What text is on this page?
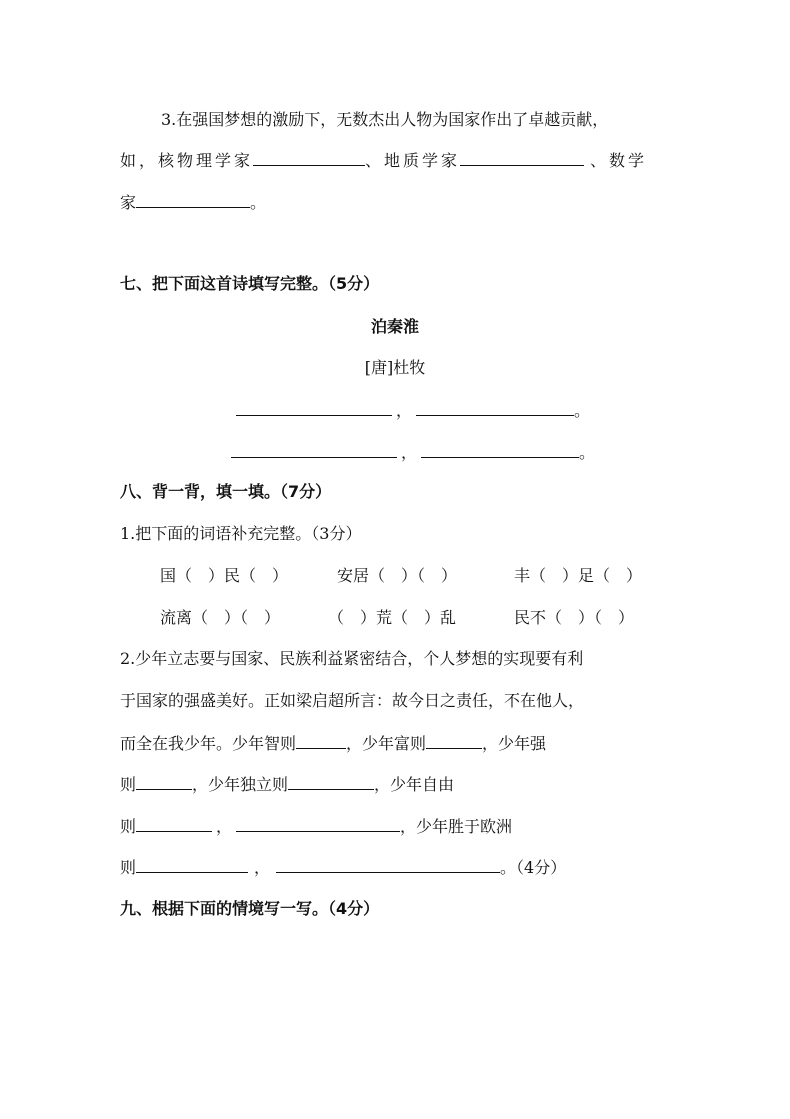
3.在强国梦想的激励下，无数杰出人物为国家作出了卓越贡献，
如，核物理学家	、地质学家	、数学
家	。
七、把下面这首诗填写完整。（5分）
泊秦淮
[唐]杜牧
，	。
，	。
八、背一背，填一填。（7分）
1.把下面的词语补充完整。（3分）
国（　）民（　）	安居（　）（　）	丰（　）足（　）
流离（　）（　）	（　）荒（　）乱	民不（　）（　）
2.少年立志要与国家、民族利益紧密结合，个人梦想的实现要有利
于国家的强盛美好。正如梁启超所言：故今日之责任，不在他人，
而全在我少年。少年智则	，少年富则	，少年强
则	，少年独立则	，少年自由
则	，	，少年胜于欧洲
则	，	。（4分）
九、根据下面的情境写一写。（4分）
